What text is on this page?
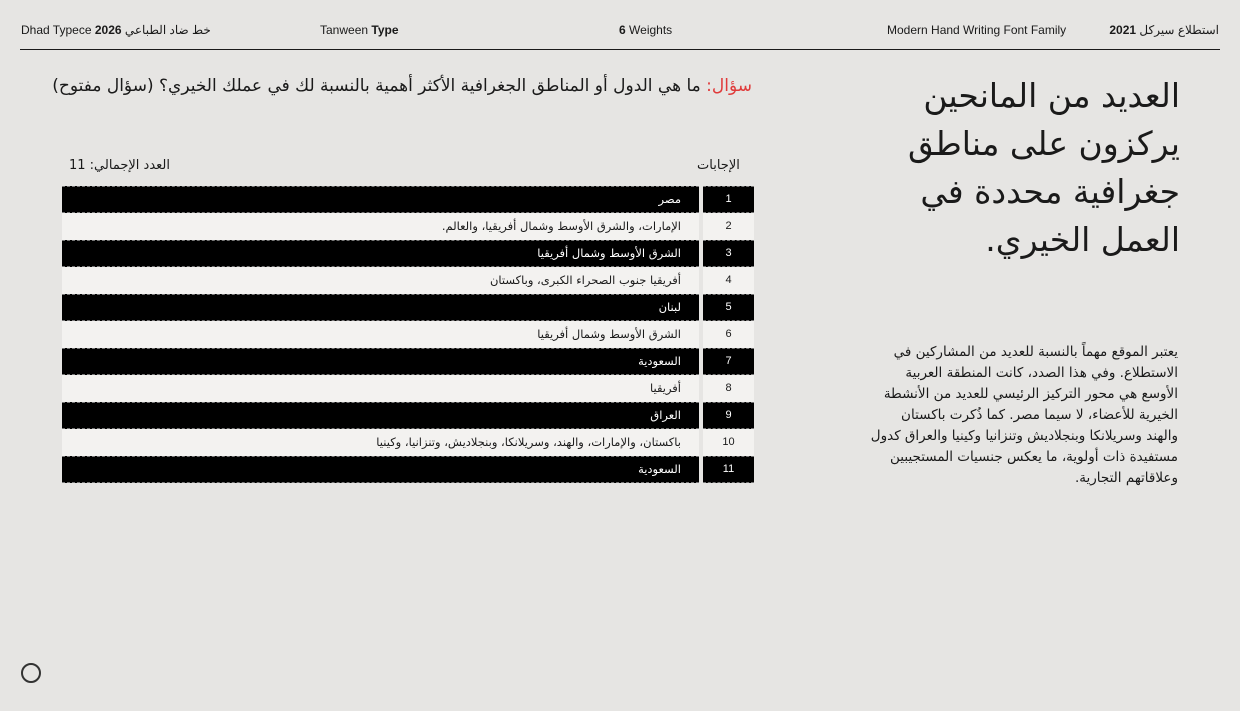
Dhad Typece 2026 خط ضاد الطباعي	Tanween Type	6 Weights	Modern Hand Writing Font Family	2021 استطلاع سيركل
سؤال: ما هي الدول أو المناطق الجغرافية الأكثر أهمية بالنسبة لك في عملك الخيري؟ (سؤال مفتوح)
الإجابات
العدد الإجمالي: 11
مصر	1
الإمارات، والشرق الأوسط وشمال أفريقيا، والعالم.	2
الشرق الأوسط وشمال أفريقيا	3
أفريقيا جنوب الصحراء الكبرى، وباكستان	4
لبنان	5
الشرق الأوسط وشمال أفريقيا	6
السعودية	7
أفريقيا	8
العراق	9
باكستان، والإمارات، والهند، وسريلانكا، وبنجلاديش، وتنزانيا، وكينيا	10
السعودية	11
العديد من المانحين يركزون على مناطق جغرافية محددة في العمل الخيري.
يعتبر الموقع مهماً بالنسبة للعديد من المشاركين في الاستطلاع. وفي هذا الصدد، كانت المنطقة العربية الأوسع هي محور التركيز الرئيسي للعديد من الأنشطة الخيرية للأعضاء، لا سيما مصر. كما ذُكرت باكستان والهند وسريلانكا وبنجلاديش وتنزانيا وكينيا والعراق كدول مستفيدة ذات أولوية، ما يعكس جنسيات المستجيبين وعلاقاتهم التجارية.
